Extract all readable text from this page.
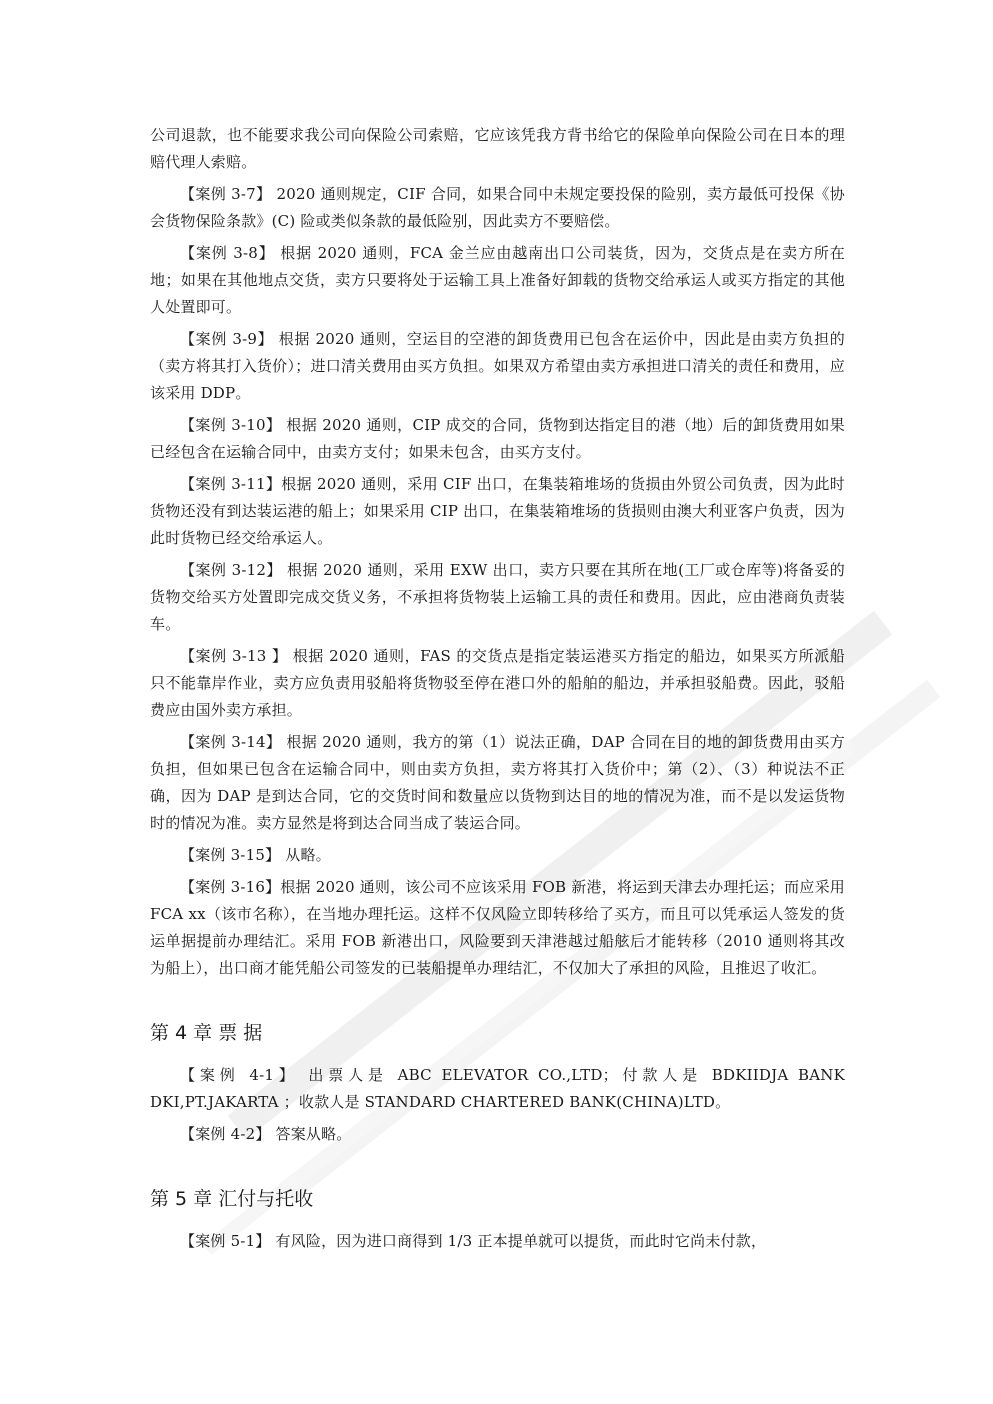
公司退款，也不能要求我公司向保险公司索赔，它应该凭我方背书给它的保险单向保险公司在日本的理赔代理人索赔。

【案例 3-7】 2020 通则规定，CIF 合同，如果合同中未规定要投保的险别，卖方最低可投保《协会货物保险条款》(C) 险或类似条款的最低险别，因此卖方不要赔偿。

【案例 3-8】 根据 2020 通则，FCA 金兰应由越南出口公司装货，因为，交货点是在卖方所在地；如果在其他地点交货，卖方只要将处于运输工具上准备好卸载的货物交给承运人或买方指定的其他人处置即可。

【案例 3-9】 根据 2020 通则，空运目的空港的卸货费用已包含在运价中，因此是由卖方负担的（卖方将其打入货价）；进口清关费用由买方负担。如果双方希望由卖方承担进口清关的责任和费用，应该采用 DDP。

【案例 3-10】 根据 2020 通则，CIP 成交的合同，货物到达指定目的港（地）后的卸货费用如果已经包含在运输合同中，由卖方支付；如果未包含，由买方支付。

【案例 3-11】根据 2020 通则，采用 CIF 出口，在集装箱堆场的货损由外贸公司负责，因为此时货物还没有到达装运港的船上；如果采用 CIP 出口，在集装箱堆场的货损则由澳大利亚客户负责，因为此时货物已经交给承运人。

【案例 3-12】 根据 2020 通则，采用 EXW 出口，卖方只要在其所在地(工厂或仓库等)将备妥的货物交给买方处置即完成交货义务，不承担将货物装上运输工具的责任和费用。因此，应由港商负责装车。

【案例 3-13 】 根据 2020 通则，FAS 的交货点是指定装运港买方指定的船边，如果买方所派船只不能靠岸作业，卖方应负责用驳船将货物驳至停在港口外的船舶的船边，并承担驳船费。因此，驳船费应由国外卖方承担。

【案例 3-14】 根据 2020 通则，我方的第（1）说法正确，DAP 合同在目的地的卸货费用由买方负担，但如果已包含在运输合同中，则由卖方负担，卖方将其打入货价中；第（2）、（3）种说法不正确，因为 DAP 是到达合同，它的交货时间和数量应以货物到达目的地的情况为准，而不是以发运货物时的情况为准。卖方显然是将到达合同当成了装运合同。

【案例 3-15】 从略。

【案例 3-16】根据 2020 通则，该公司不应该采用 FOB 新港，将运到天津去办理托运；而应采用 FCA xx（该市名称），在当地办理托运。这样不仅风险立即转移给了买方，而且可以凭承运人签发的货运单据提前办理结汇。采用 FOB 新港出口，风险要到天津港越过船舷后才能转移（2010 通则将其改为船上），出口商才能凭船公司签发的已装船提单办理结汇，不仅加大了承担的风险，且推迟了收汇。

第 4 章 票 据

【案例 4-1】 出票人是 ABC ELEVATOR CO.,LTD；付款人是 BDKIIDJA BANK DKI,PT.JAKARTA ；收款人是 STANDARD CHARTERED BANK(CHINA)LTD。

【案例 4-2】 答案从略。

第 5 章 汇付与托收

【案例 5-1】 有风险，因为进口商得到 1/3 正本提单就可以提货，而此时它尚未付款，
